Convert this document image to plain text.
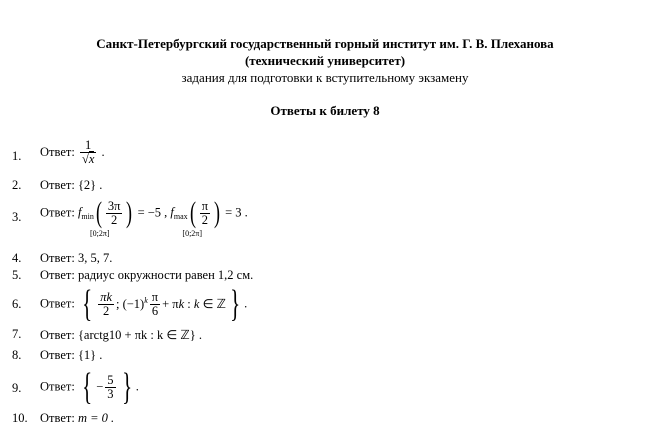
Санкт-Петербургский государственный горный институт им. Г. В. Плеханова
(технический университет)
задания для подготовки к вступительному экзамену
Ответы к билету 8
1. Ответ: $\frac{1}{√x}$ .
2. Ответ: {2} .
3. Ответ: $f_{min}$
[0;2π]
( $\frac{3\pi}{2}$ ) = −5 , $f_{max}$
[0;2π]
( $\frac{\pi}{2}$ ) = 3 .
4. Ответ: 3, 5, 7.
5. Ответ: радиус окружности равен 1,2 см.
6. Ответ: { $\frac{\pi k}{2}$ ; $(-1)^k \frac{\pi}{6} + \pi k$ : k ∈ ℤ } .
7. Ответ: {arctg10 + πk : k ∈ ℤ} .
8. Ответ: {1} .
9. Ответ: { − $\frac{5}{3}$ } .
10. Ответ: m = 0 .
